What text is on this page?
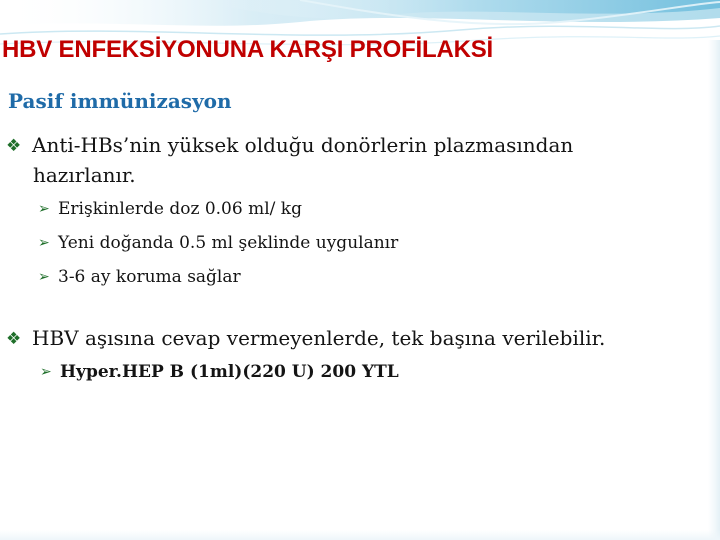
HBV ENFEKSİYONUNA KARŞI PROFİLAKSİ
Pasif immünizasyon
❖ Anti-HBs’nin yüksek olduğu donörlerin plazmasından
hazırlanır.
➢ Erişkinlerde doz 0.06 ml/ kg
➢ Yeni doğanda 0.5 ml şeklinde uygulanır
➢ 3-6 ay koruma sağlar
❖ HBV aşısına cevap vermeyenlerde, tek başına verilebilir.
➢ Hyper.HEP B (1ml)(220 U) 200 YTL
